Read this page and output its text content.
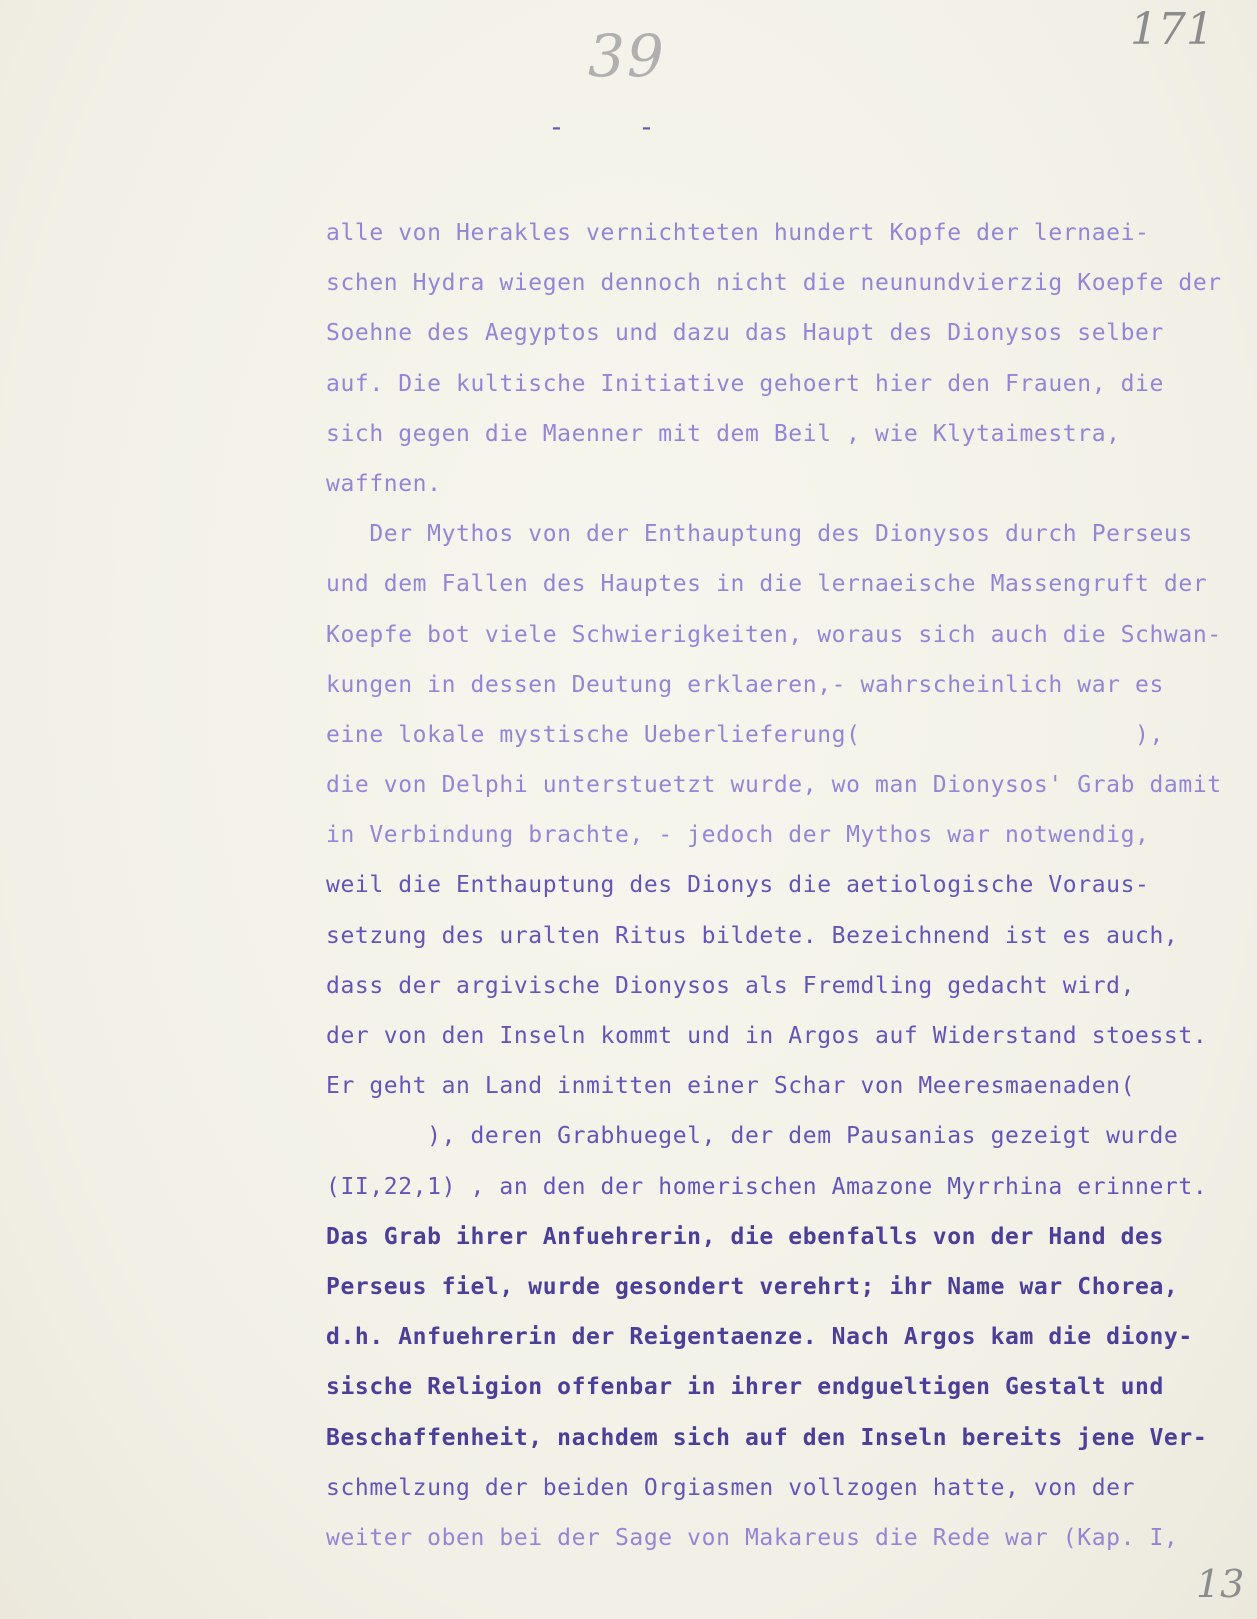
39	171
-	-
alle von Herakles vernichteten hundert Kopfe der lernaei-
schen Hydra wiegen dennoch nicht die neunundvierzig Koepfe der
Soehne des Aegyptos und dazu das Haupt des Dionysos selber
auf. Die kultische Initiative gehoert hier den Frauen, die
sich gegen die Maenner mit dem Beil , wie Klytaimestra,
waffnen.
Der Mythos von der Enthauptung des Dionysos durch Perseus
und dem Fallen des Hauptes in die lernaeische Massengruft der
Koepfe bot viele Schwierigkeiten, woraus sich auch die Schwan-
kungen in dessen Deutung erklaeren,- wahrscheinlich war es
eine lokale mystische Ueberlieferung(                   ),
die von Delphi unterstuetzt wurde, wo man Dionysos' Grab damit
in Verbindung brachte, - jedoch der Mythos war notwendig,
weil die Enthauptung des Dionys die aetiologische Voraus-
setzung des uralten Ritus bildete. Bezeichnend ist es auch,
dass der argivische Dionysos als Fremdling gedacht wird,
der von den Inseln kommt und in Argos auf Widerstand stoesst.
Er geht an Land inmitten einer Schar von Meeresmaenaden(
), deren Grabhuegel, der dem Pausanias gezeigt wurde
(II,22,1) , an den der homerischen Amazone Myrrhina erinnert.
Das Grab ihrer Anfuehrerin, die ebenfalls von der Hand des
Perseus fiel, wurde gesondert verehrt; ihr Name war Chorea,
d.h. Anfuehrerin der Reigentaenze. Nach Argos kam die diony-
sische Religion offenbar in ihrer endgueltigen Gestalt und
Beschaffenheit, nachdem sich auf den Inseln bereits jene Ver-
schmelzung der beiden Orgiasmen vollzogen hatte, von der
weiter oben bei der Sage von Makareus die Rede war (Kap. I,
13
